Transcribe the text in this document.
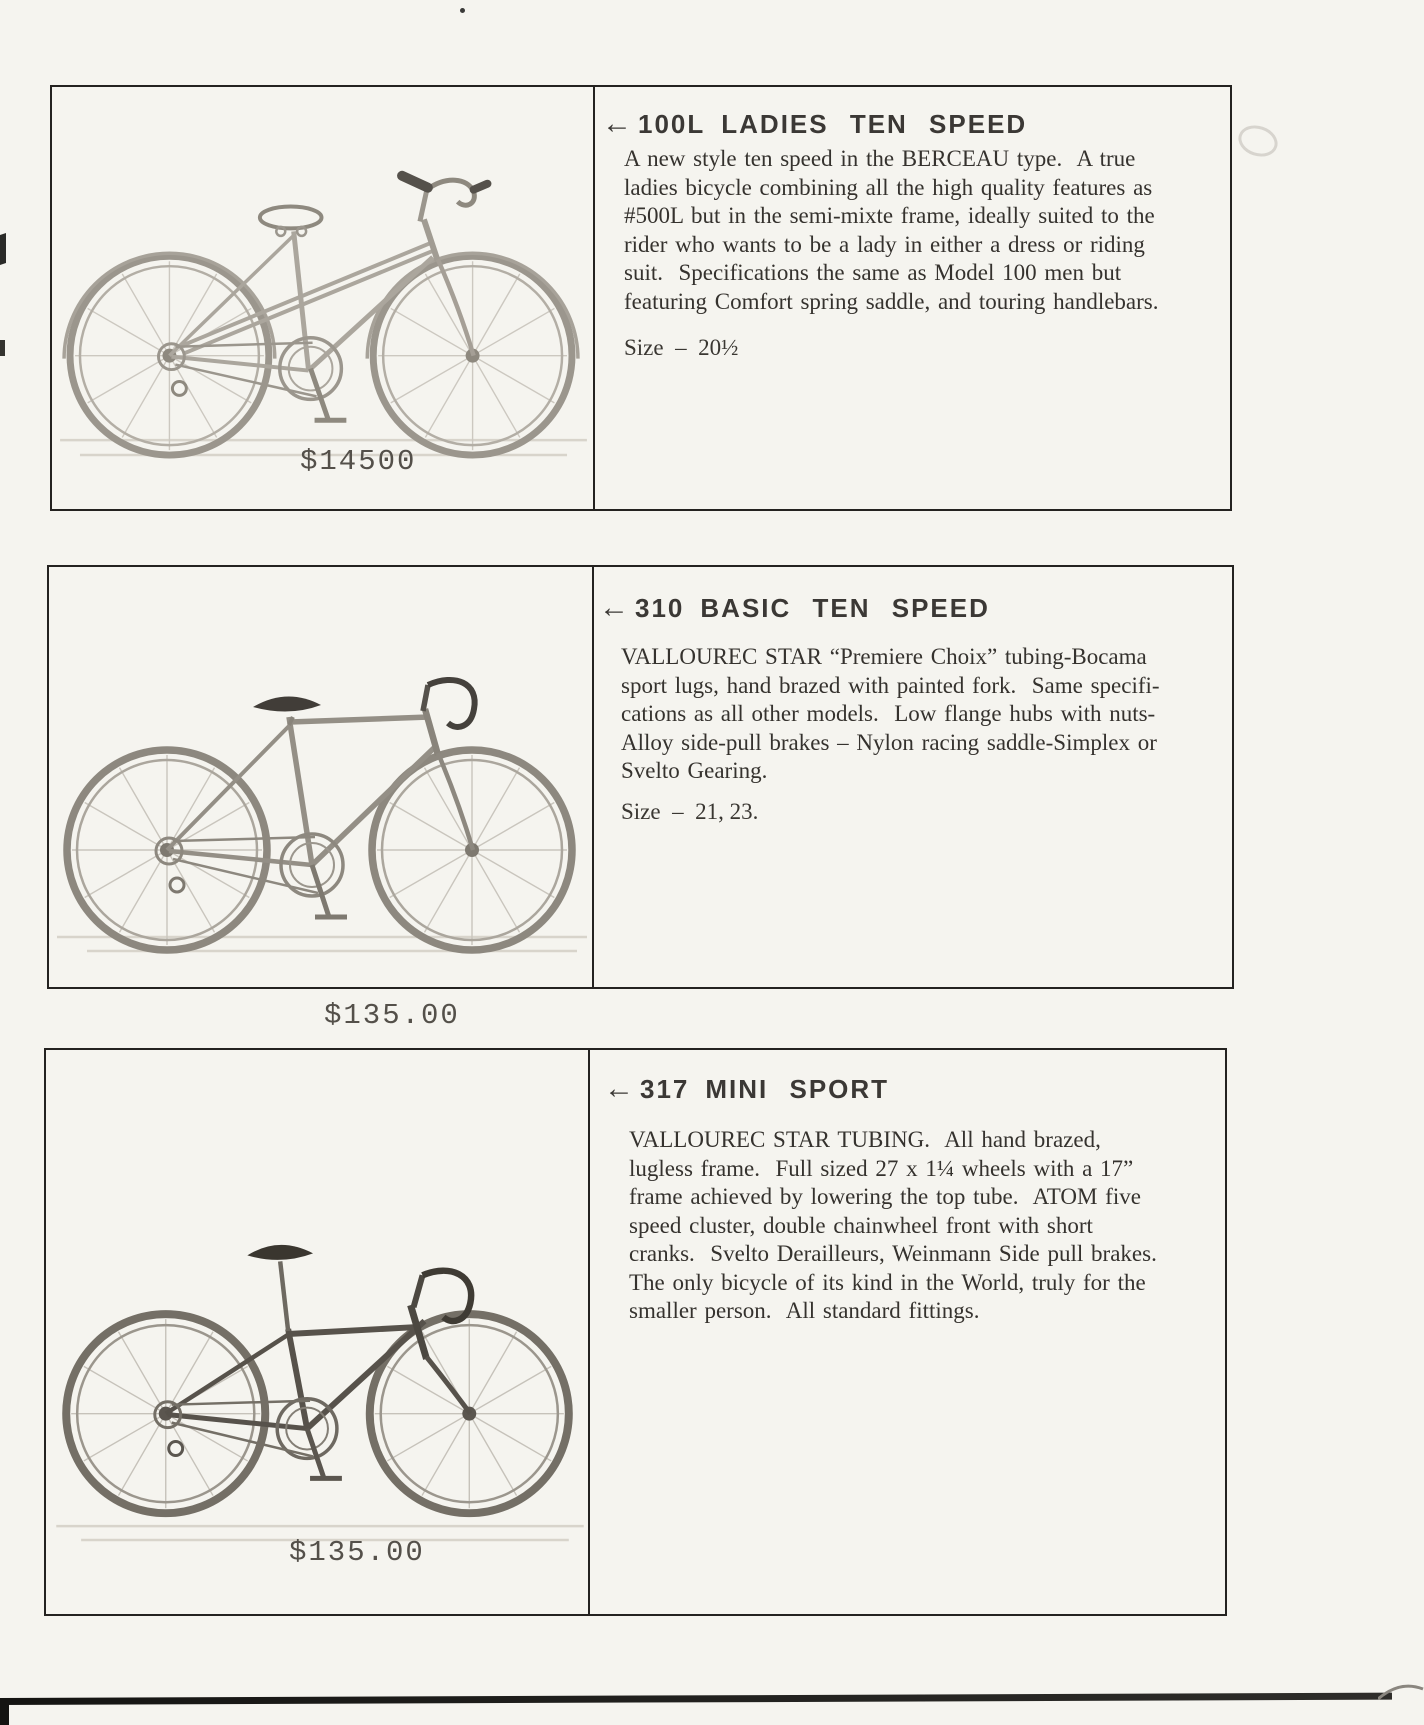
$14500
← 100L LADIES TEN SPEED
A new style ten speed in the BERCEAU type.  A true
ladies bicycle combining all the high quality features as
#500L but in the semi-mixte frame, ideally suited to the
rider who wants to be a lady in either a dress or riding
suit.  Specifications the same as Model 100 men but
featuring Comfort spring saddle, and touring handlebars.
Size  –  20½
$135.00
← 310 BASIC TEN SPEED
VALLOUREC STAR “Premiere Choix” tubing-Bocama
sport lugs, hand brazed with painted fork.  Same specifi-
cations as all other models.  Low flange hubs with nuts-
Alloy side-pull brakes – Nylon racing saddle-Simplex or
Svelto Gearing.
Size  –  21, 23.
$135.00
← 317 MINI SPORT
VALLOUREC STAR TUBING.  All hand brazed,
lugless frame.  Full sized 27 x 1¼ wheels with a 17”
frame achieved by lowering the top tube.  ATOM five
speed cluster, double chainwheel front with short
cranks.  Svelto Derailleurs, Weinmann Side pull brakes.
The only bicycle of its kind in the World, truly for the
smaller person.  All standard fittings.
